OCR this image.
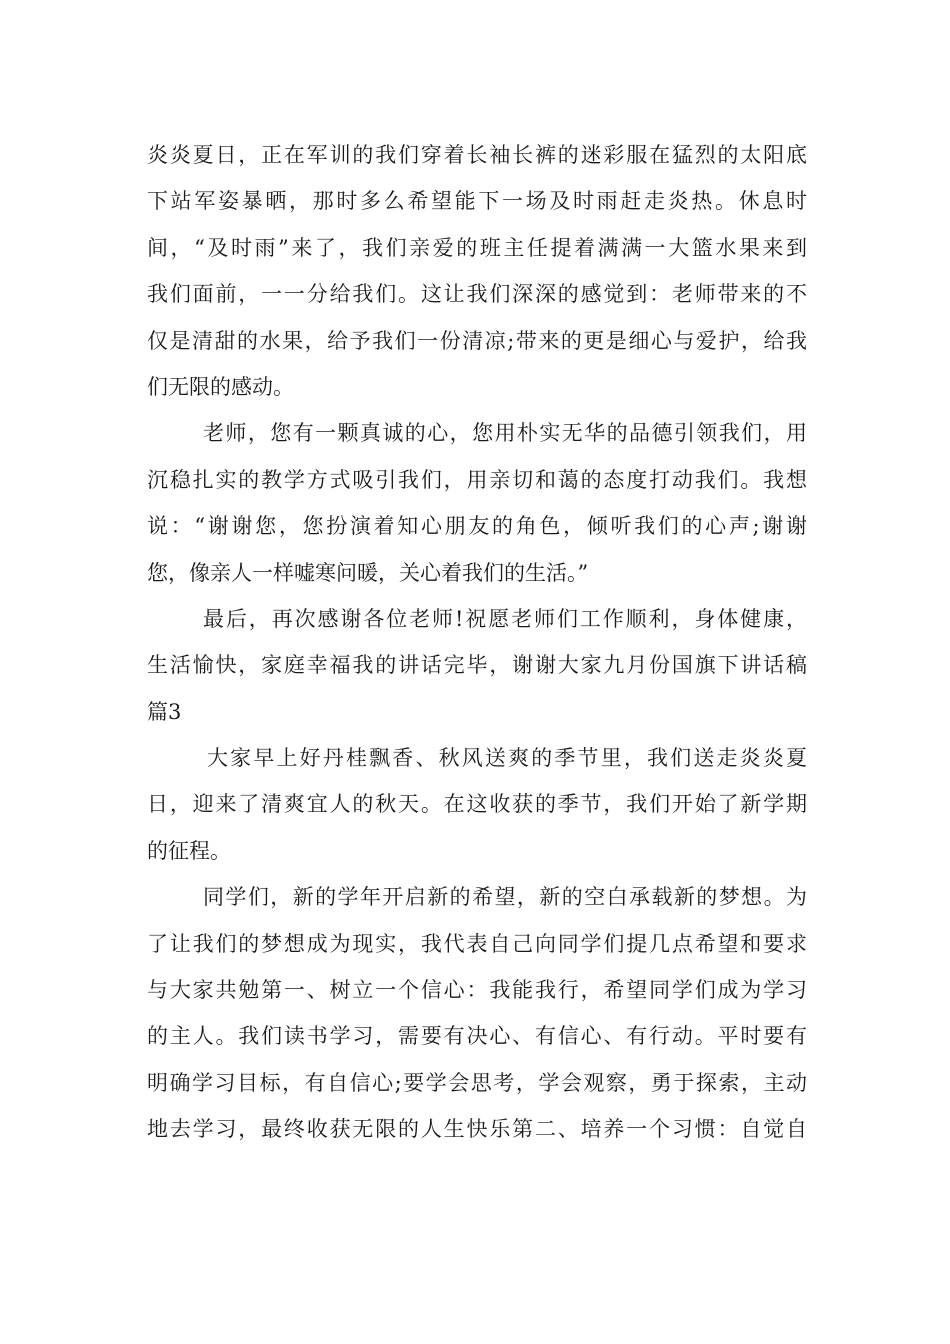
炎炎夏日，正在军训的我们穿着长袖长裤的迷彩服在猛烈的太阳底
下站军姿暴晒，那时多么希望能下一场及时雨赶走炎热。休息时
间，“及时雨”来了，我们亲爱的班主任提着满满一大篮水果来到
我们面前，一一分给我们。这让我们深深的感觉到：老师带来的不
仅是清甜的水果，给予我们一份清凉;带来的更是细心与爱护，给我
们无限的感动。
老师，您有一颗真诚的心，您用朴实无华的品德引领我们，用
沉稳扎实的教学方式吸引我们，用亲切和蔼的态度打动我们。我想
说：“谢谢您，您扮演着知心朋友的角色，倾听我们的心声;谢谢
您，像亲人一样嘘寒问暖，关心着我们的生活。”
最后，再次感谢各位老师!祝愿老师们工作顺利，身体健康，
生活愉快，家庭幸福我的讲话完毕，谢谢大家九月份国旗下讲话稿
篇3
大家早上好丹桂飘香、秋风送爽的季节里，我们送走炎炎夏
日，迎来了清爽宜人的秋天。在这收获的季节，我们开始了新学期
的征程。
同学们，新的学年开启新的希望，新的空白承载新的梦想。为
了让我们的梦想成为现实，我代表自己向同学们提几点希望和要求
与大家共勉第一、树立一个信心：我能我行，希望同学们成为学习
的主人。我们读书学习，需要有决心、有信心、有行动。平时要有
明确学习目标，有自信心;要学会思考，学会观察，勇于探索，主动
地去学习，最终收获无限的人生快乐第二、培养一个习惯：自觉自
